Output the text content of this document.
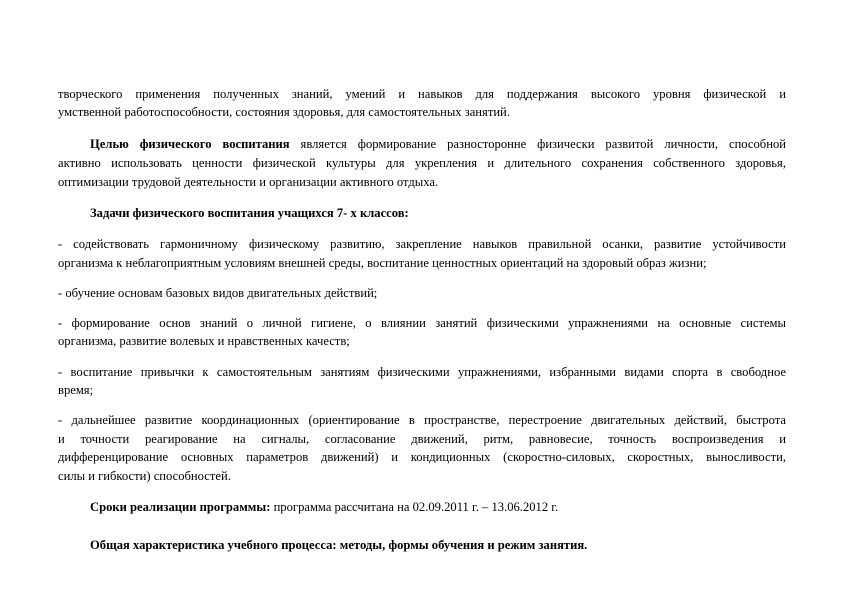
творческого применения полученных знаний, умений и навыков для поддержания высокого уровня физической и
умственной работоспособности, состояния здоровья, для самостоятельных занятий.
Целью физического воспитания является формирование разносторонне физически развитой личности, способной
активно использовать ценности физической культуры для укрепления и длительного сохранения собственного здоровья,
оптимизации трудовой деятельности и организации активного отдыха.
Задачи физического воспитания учащихся 7- х классов:
- содействовать гармоничному физическому развитию, закрепление навыков правильной осанки, развитие устойчивости
организма к неблагоприятным условиям внешней среды, воспитание ценностных ориентаций на здоровый образ жизни;
- обучение основам базовых видов двигательных действий;
- формирование основ знаний о личной гигиене, о влиянии занятий физическими упражнениями на основные системы
организма, развитие волевых и нравственных качеств;
- воспитание привычки к самостоятельным занятиям физическими упражнениями, избранными видами спорта в свободное
время;
- дальнейшее развитие координационных (ориентирование в пространстве, перестроение двигательных действий, быстрота
и точности реагирование на сигналы, согласование движений, ритм, равновесие, точность воспроизведения и
дифференцирование основных параметров движений) и кондиционных (скоростно-силовых, скоростных, выносливости,
силы и гибкости) способностей.
Сроки реализации программы: программа рассчитана на 02.09.2011 г. – 13.06.2012 г.
Общая характеристика учебного процесса: методы, формы обучения и режим занятия.
